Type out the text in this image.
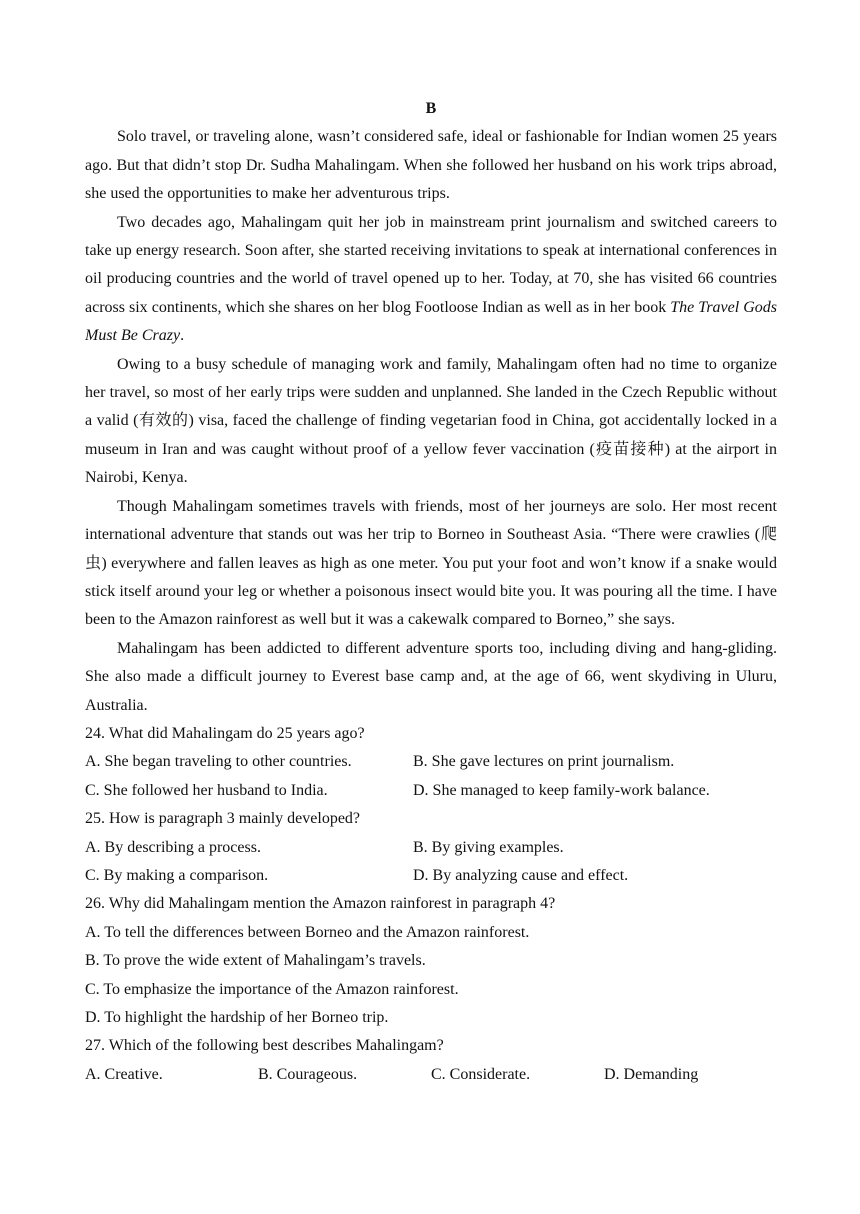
B

Solo travel, or traveling alone, wasn’t considered safe, ideal or fashionable for Indian women 25 years ago. But that didn’t stop Dr. Sudha Mahalingam. When she followed her husband on his work trips abroad, she used the opportunities to make her adventurous trips.

Two decades ago, Mahalingam quit her job in mainstream print journalism and switched careers to take up energy research. Soon after, she started receiving invitations to speak at international conferences in oil producing countries and the world of travel opened up to her. Today, at 70, she has visited 66 countries across six continents, which she shares on her blog Footloose Indian as well as in her book The Travel Gods Must Be Crazy.

Owing to a busy schedule of managing work and family, Mahalingam often had no time to organize her travel, so most of her early trips were sudden and unplanned. She landed in the Czech Republic without a valid (有效的) visa, faced the challenge of finding vegetarian food in China, got accidentally locked in a museum in Iran and was caught without proof of a yellow fever vaccination (疫苗接种) at the airport in Nairobi, Kenya.

Though Mahalingam sometimes travels with friends, most of her journeys are solo. Her most recent international adventure that stands out was her trip to Borneo in Southeast Asia. “There were crawlies (爬虫) everywhere and fallen leaves as high as one meter. You put your foot and won’t know if a snake would stick itself around your leg or whether a poisonous insect would bite you. It was pouring all the time. I have been to the Amazon rainforest as well but it was a cakewalk compared to Borneo,” she says.

Mahalingam has been addicted to different adventure sports too, including diving and hang-gliding. She also made a difficult journey to Everest base camp and, at the age of 66, went skydiving in Uluru, Australia.

24. What did Mahalingam do 25 years ago?

A. She began traveling to other countries.	B. She gave lectures on print journalism.
C. She followed her husband to India.	D. She managed to keep family-work balance.

25. How is paragraph 3 mainly developed?

A. By describing a process.	B. By giving examples.
C. By making a comparison.	D. By analyzing cause and effect.

26. Why did Mahalingam mention the Amazon rainforest in paragraph 4?

A. To tell the differences between Borneo and the Amazon rainforest.
B. To prove the wide extent of Mahalingam’s travels.
C. To emphasize the importance of the Amazon rainforest.
D. To highlight the hardship of her Borneo trip.

27. Which of the following best describes Mahalingam?

A. Creative.	B. Courageous.	C. Considerate.	D. Demanding
